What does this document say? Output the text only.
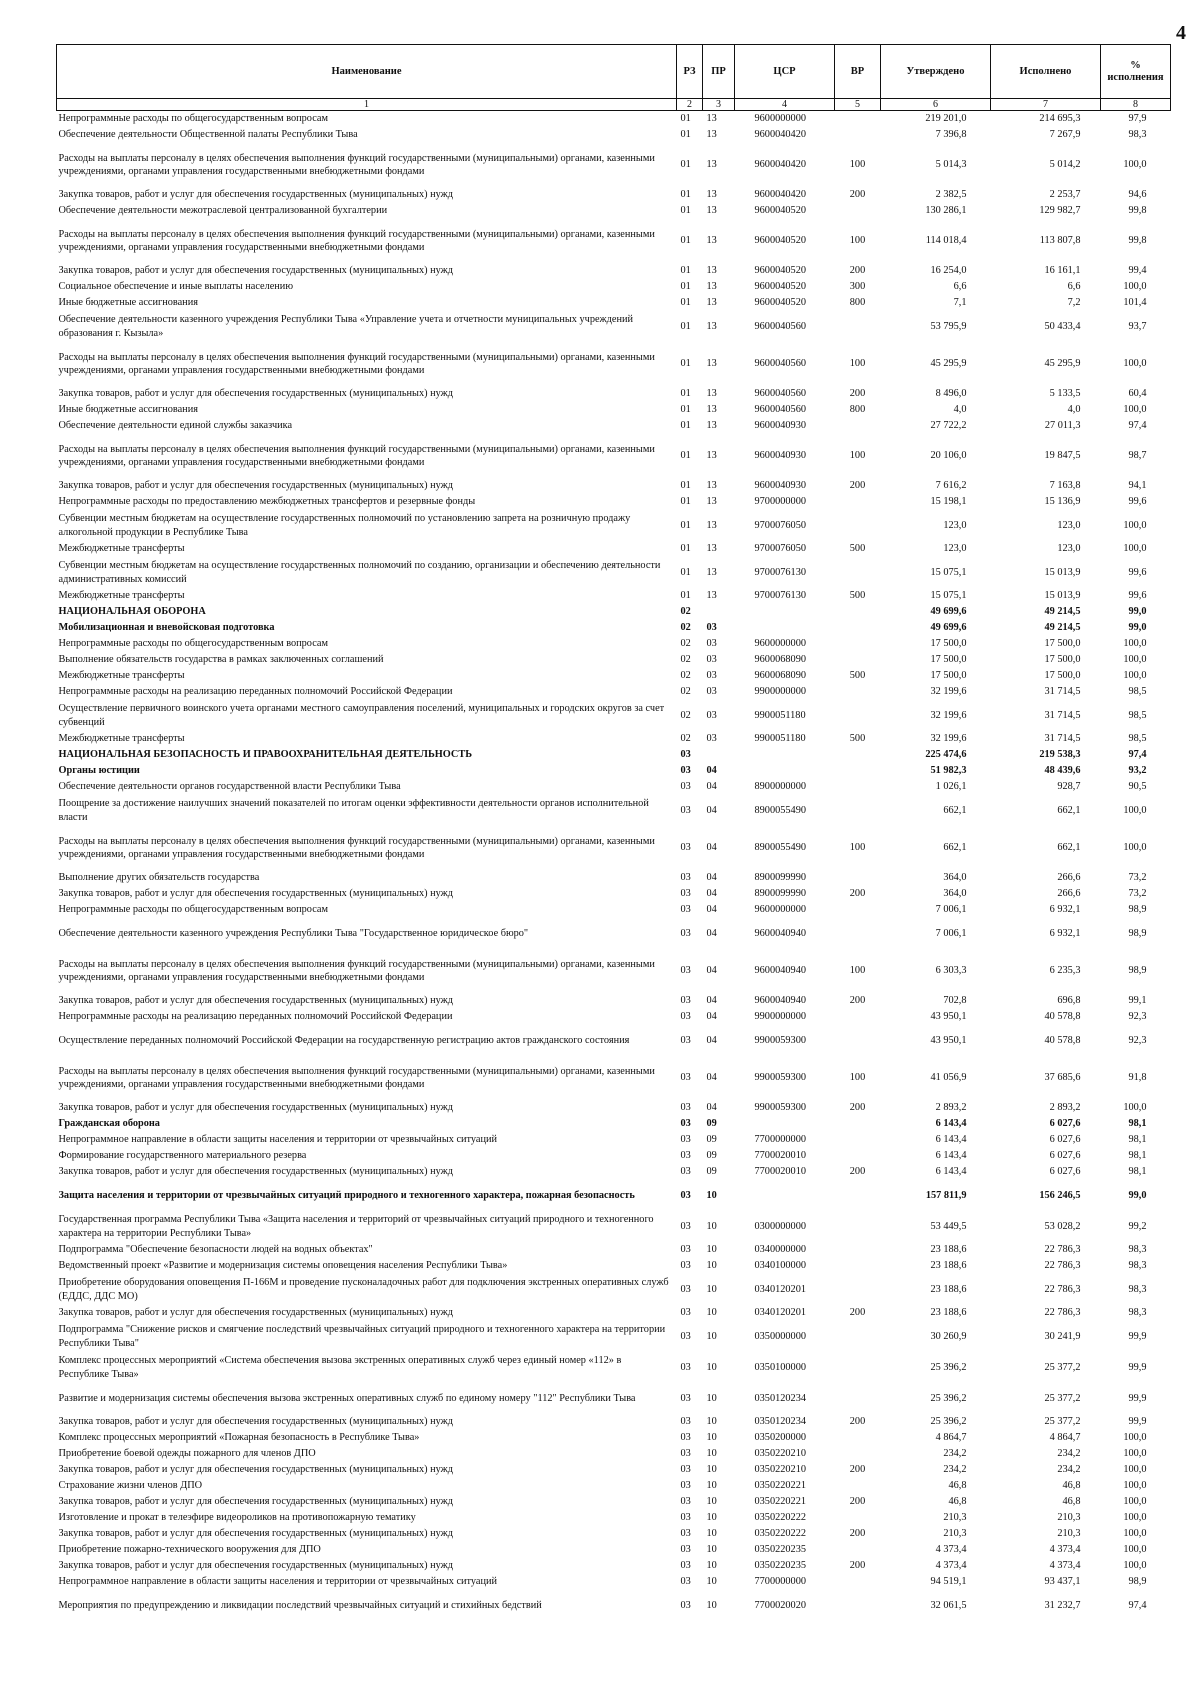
4
Наименование	РЗ	ПР	ЦСР	ВР	Утверждено	Исполнено	% исполнения
1	2	3	4	5	6	7	8
Непрограммные расходы по общегосударственным вопросам	01	13	9600000000		219 201,0	214 695,3	97,9
Обеспечение деятельности Общественной палаты Республики Тыва	01	13	9600040420		7 396,8	7 267,9	98,3
Расходы на выплаты персоналу в целях обеспечения выполнения функций государственными (муниципальными) органами, казенными учреждениями, органами управления государственными внебюджетными фондами	01	13	9600040420	100	5 014,3	5 014,2	100,0
Закупка товаров, работ и услуг для обеспечения государственных (муниципальных) нужд	01	13	9600040420	200	2 382,5	2 253,7	94,6
Обеспечение деятельности межотраслевой централизованной бухгалтерии	01	13	9600040520		130 286,1	129 982,7	99,8
Расходы на выплаты персоналу в целях обеспечения выполнения функций государственными (муниципальными) органами, казенными учреждениями, органами управления государственными внебюджетными фондами	01	13	9600040520	100	114 018,4	113 807,8	99,8
Закупка товаров, работ и услуг для обеспечения государственных (муниципальных) нужд	01	13	9600040520	200	16 254,0	16 161,1	99,4
Социальное обеспечение и иные выплаты населению	01	13	9600040520	300	6,6	6,6	100,0
Иные бюджетные ассигнования	01	13	9600040520	800	7,1	7,2	101,4
Обеспечение деятельности казенного учреждения Республики Тыва «Управление учета и отчетности муниципальных учреждений образования г. Кызыла»	01	13	9600040560		53 795,9	50 433,4	93,7
Расходы на выплаты персоналу в целях обеспечения выполнения функций государственными (муниципальными) органами, казенными учреждениями, органами управления государственными внебюджетными фондами	01	13	9600040560	100	45 295,9	45 295,9	100,0
Закупка товаров, работ и услуг для обеспечения государственных (муниципальных) нужд	01	13	9600040560	200	8 496,0	5 133,5	60,4
Иные бюджетные ассигнования	01	13	9600040560	800	4,0	4,0	100,0
Обеспечение деятельности единой службы заказчика	01	13	9600040930		27 722,2	27 011,3	97,4
Расходы на выплаты персоналу в целях обеспечения выполнения функций государственными (муниципальными) органами, казенными учреждениями, органами управления государственными внебюджетными фондами	01	13	9600040930	100	20 106,0	19 847,5	98,7
Закупка товаров, работ и услуг для обеспечения государственных (муниципальных) нужд	01	13	9600040930	200	7 616,2	7 163,8	94,1
Непрограммные расходы по предоставлению межбюджетных трансфертов и резервные фонды	01	13	9700000000		15 198,1	15 136,9	99,6
Субвенции местным бюджетам на осуществление государственных полномочий по установлению запрета на розничную продажу алкогольной продукции в Республике Тыва	01	13	9700076050		123,0	123,0	100,0
Межбюджетные трансферты	01	13	9700076050	500	123,0	123,0	100,0
Субвенции местным бюджетам на осуществление государственных полномочий по созданию, организации и обеспечению деятельности административных комиссий	01	13	9700076130		15 075,1	15 013,9	99,6
Межбюджетные трансферты	01	13	9700076130	500	15 075,1	15 013,9	99,6
НАЦИОНАЛЬНАЯ ОБОРОНА	02				49 699,6	49 214,5	99,0
Мобилизационная и вневойсковая подготовка	02	03			49 699,6	49 214,5	99,0
Непрограммные расходы по общегосударственным вопросам	02	03	9600000000		17 500,0	17 500,0	100,0
Выполнение обязательств государства в рамках заключенных соглашений	02	03	9600068090		17 500,0	17 500,0	100,0
Межбюджетные трансферты	02	03	9600068090	500	17 500,0	17 500,0	100,0
Непрограммные расходы на реализацию переданных полномочий Российской Федерации	02	03	9900000000		32 199,6	31 714,5	98,5
Осуществление первичного воинского учета органами местного самоуправления поселений, муниципальных и городских округов за счет субвенций	02	03	9900051180		32 199,6	31 714,5	98,5
Межбюджетные трансферты	02	03	9900051180	500	32 199,6	31 714,5	98,5
НАЦИОНАЛЬНАЯ БЕЗОПАСНОСТЬ И ПРАВООХРАНИТЕЛЬНАЯ ДЕЯТЕЛЬНОСТЬ	03				225 474,6	219 538,3	97,4
Органы юстиции	03	04			51 982,3	48 439,6	93,2
Обеспечение деятельности органов государственной власти Республики Тыва	03	04	8900000000		1 026,1	928,7	90,5
Поощрение за достижение наилучших значений показателей по итогам оценки эффективности деятельности органов исполнительной власти	03	04	8900055490		662,1	662,1	100,0
Расходы на выплаты персоналу в целях обеспечения выполнения функций государственными (муниципальными) органами, казенными учреждениями, органами управления государственными внебюджетными фондами	03	04	8900055490	100	662,1	662,1	100,0
Выполнение других обязательств государства	03	04	8900099990		364,0	266,6	73,2
Закупка товаров, работ и услуг для обеспечения государственных (муниципальных) нужд	03	04	8900099990	200	364,0	266,6	73,2
Непрограммные расходы по общегосударственным вопросам	03	04	9600000000		7 006,1	6 932,1	98,9
Обеспечение деятельности казенного учреждения Республики Тыва "Государственное юридическое бюро"	03	04	9600040940		7 006,1	6 932,1	98,9
Расходы на выплаты персоналу в целях обеспечения выполнения функций государственными (муниципальными) органами, казенными учреждениями, органами управления государственными внебюджетными фондами	03	04	9600040940	100	6 303,3	6 235,3	98,9
Закупка товаров, работ и услуг для обеспечения государственных (муниципальных) нужд	03	04	9600040940	200	702,8	696,8	99,1
Непрограммные расходы на реализацию переданных полномочий Российской Федерации	03	04	9900000000		43 950,1	40 578,8	92,3
Осуществление переданных полномочий Российской Федерации на государственную регистрацию актов гражданского состояния	03	04	9900059300		43 950,1	40 578,8	92,3
Расходы на выплаты персоналу в целях обеспечения выполнения функций государственными (муниципальными) органами, казенными учреждениями, органами управления государственными внебюджетными фондами	03	04	9900059300	100	41 056,9	37 685,6	91,8
Закупка товаров, работ и услуг для обеспечения государственных (муниципальных) нужд	03	04	9900059300	200	2 893,2	2 893,2	100,0
Гражданская оборона	03	09			6 143,4	6 027,6	98,1
Непрограммное направление в области защиты населения и территории от чрезвычайных ситуаций	03	09	7700000000		6 143,4	6 027,6	98,1
Формирование государственного материального резерва	03	09	7700020010		6 143,4	6 027,6	98,1
Закупка товаров, работ и услуг для обеспечения государственных (муниципальных) нужд	03	09	7700020010	200	6 143,4	6 027,6	98,1
Защита населения и территории от чрезвычайных ситуаций природного и техногенного характера, пожарная безопасность	03	10			157 811,9	156 246,5	99,0
Государственная программа Республики Тыва «Защита населения и территорий от чрезвычайных ситуаций природного и техногенного характера на территории Республики Тыва»	03	10	0300000000		53 449,5	53 028,2	99,2
Подпрограмма "Обеспечение безопасности людей на водных объектах"	03	10	0340000000		23 188,6	22 786,3	98,3
Ведомственный проект «Развитие и модернизация системы оповещения населения Республики Тыва»	03	10	0340100000		23 188,6	22 786,3	98,3
Приобретение оборудования оповещения П-166М и проведение пусконаладочных работ для подключения экстренных оперативных служб (ЕДДС, ДДС МО)	03	10	0340120201		23 188,6	22 786,3	98,3
Закупка товаров, работ и услуг для обеспечения государственных (муниципальных) нужд	03	10	0340120201	200	23 188,6	22 786,3	98,3
Подпрограмма "Снижение рисков и смягчение последствий чрезвычайных ситуаций природного и техногенного характера на территории Республики Тыва"	03	10	0350000000		30 260,9	30 241,9	99,9
Комплекс процессных мероприятий «Система обеспечения вызова экстренных оперативных служб через единый номер «112» в Республике Тыва»	03	10	0350100000		25 396,2	25 377,2	99,9
Развитие и модернизация системы обеспечения вызова экстренных оперативных служб по единому номеру "112" Республики Тыва	03	10	0350120234		25 396,2	25 377,2	99,9
Закупка товаров, работ и услуг для обеспечения государственных (муниципальных) нужд	03	10	0350120234	200	25 396,2	25 377,2	99,9
Комплекс процессных мероприятий «Пожарная безопасность в Республике Тыва»	03	10	0350200000		4 864,7	4 864,7	100,0
Приобретение боевой одежды пожарного для членов ДПО	03	10	0350220210		234,2	234,2	100,0
Закупка товаров, работ и услуг для обеспечения государственных (муниципальных) нужд	03	10	0350220210	200	234,2	234,2	100,0
Страхование жизни членов ДПО	03	10	0350220221		46,8	46,8	100,0
Закупка товаров, работ и услуг для обеспечения государственных (муниципальных) нужд	03	10	0350220221	200	46,8	46,8	100,0
Изготовление и прокат в телеэфире видеороликов на противопожарную тематику	03	10	0350220222		210,3	210,3	100,0
Закупка товаров, работ и услуг для обеспечения государственных (муниципальных) нужд	03	10	0350220222	200	210,3	210,3	100,0
Приобретение пожарно-технического вооружения для ДПО	03	10	0350220235		4 373,4	4 373,4	100,0
Закупка товаров, работ и услуг для обеспечения государственных (муниципальных) нужд	03	10	0350220235	200	4 373,4	4 373,4	100,0
Непрограммное направление в области защиты населения и территории от чрезвычайных ситуаций	03	10	7700000000		94 519,1	93 437,1	98,9
Мероприятия по предупреждению и ликвидации последствий чрезвычайных ситуаций и стихийных бедствий	03	10	7700020020		32 061,5	31 232,7	97,4
